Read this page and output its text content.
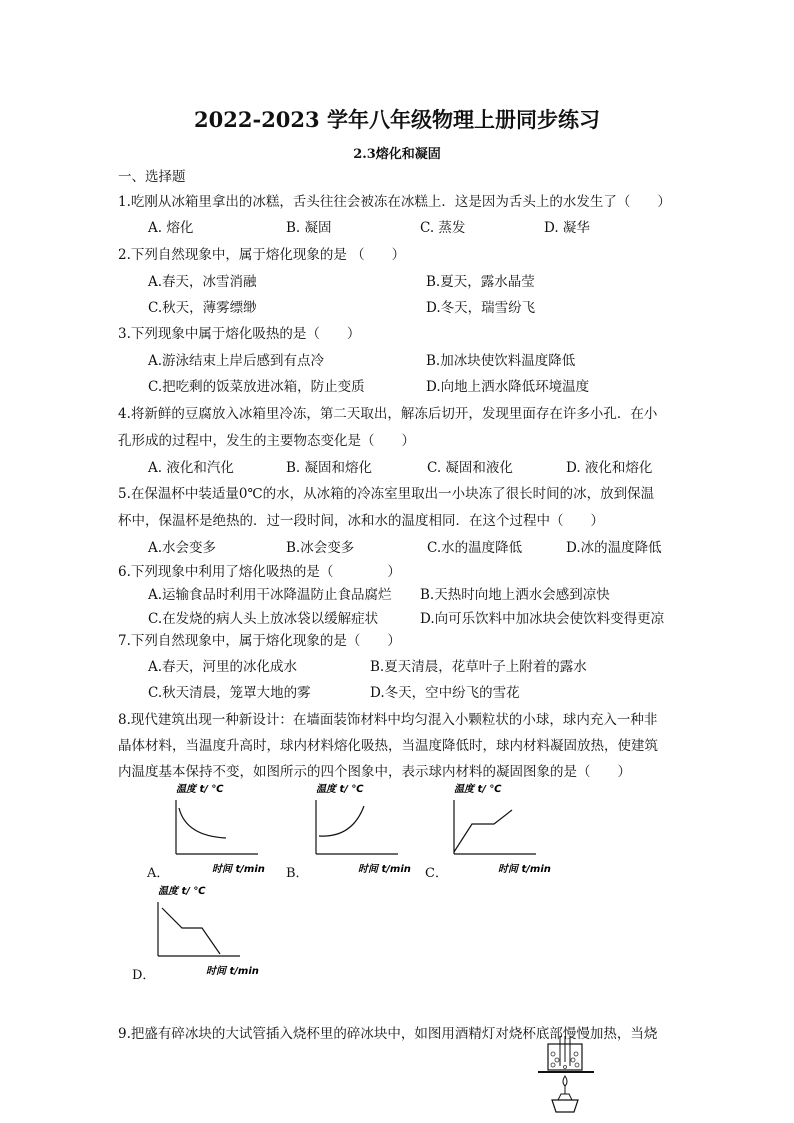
2022-2023 学年八年级物理上册同步练习
2.3熔化和凝固
一、选择题
1.吃刚从冰箱里拿出的冰糕，舌头往往会被冻在冰糕上．这是因为舌头上的水发生了（　　）
A. 熔化	B. 凝固	C. 蒸发	D. 凝华
2.下列自然现象中，属于熔化现象的是 （　　）
A.春天，冰雪消融	B.夏天，露水晶莹
C.秋天，薄雾缥缈	D.冬天，瑞雪纷飞
3.下列现象中属于熔化吸热的是（　　）
A.游泳结束上岸后感到有点冷	B.加冰块使饮料温度降低
C.把吃剩的饭菜放进冰箱，防止变质	D.向地上洒水降低环境温度
4.将新鲜的豆腐放入冰箱里冷冻，第二天取出，解冻后切开，发现里面存在许多小孔．在小
孔形成的过程中，发生的主要物态变化是（　　）
A. 液化和汽化	B. 凝固和熔化	C. 凝固和液化	D. 液化和熔化
5.在保温杯中装适量0℃的水，从冰箱的冷冻室里取出一小块冻了很长时间的冰，放到保温
杯中，保温杯是绝热的．过一段时间，冰和水的温度相同．在这个过程中（　　）
A.水会变多	B.冰会变多	C.水的温度降低	D.冰的温度降低
6.下列现象中利用了熔化吸热的是（　　　　）
A.运输食品时利用干冰降温防止食品腐烂 B.天热时向地上洒水会感到凉快
C.在发烧的病人头上放冰袋以缓解症状	D.向可乐饮料中加冰块会使饮料变得更凉
7.下列自然现象中，属于熔化现象的是（　　）
A.春天，河里的冰化成水	B.夏天清晨，花草叶子上附着的露水
C.秋天清晨，笼罩大地的雾	D.冬天，空中纷飞的雪花
8.现代建筑出现一种新设计：在墙面装饰材料中均匀混入小颗粒状的小球，球内充入一种非
晶体材料，当温度升高时，球内材料熔化吸热，当温度降低时，球内材料凝固放热，使建筑
内温度基本保持不变，如图所示的四个图象中，表示球内材料的凝固图象的是（　　）
温度 t/ ℃
时间 t/min
A．
温度 t/ ℃
时间 t/min
B．
温度 t/ ℃
时间 t/min
C．
温度 t/ ℃
时间 t/min
D．
9.把盛有碎冰块的大试管插入烧杯里的碎冰块中，如图用酒精灯对烧杯底部慢慢加热，当烧
